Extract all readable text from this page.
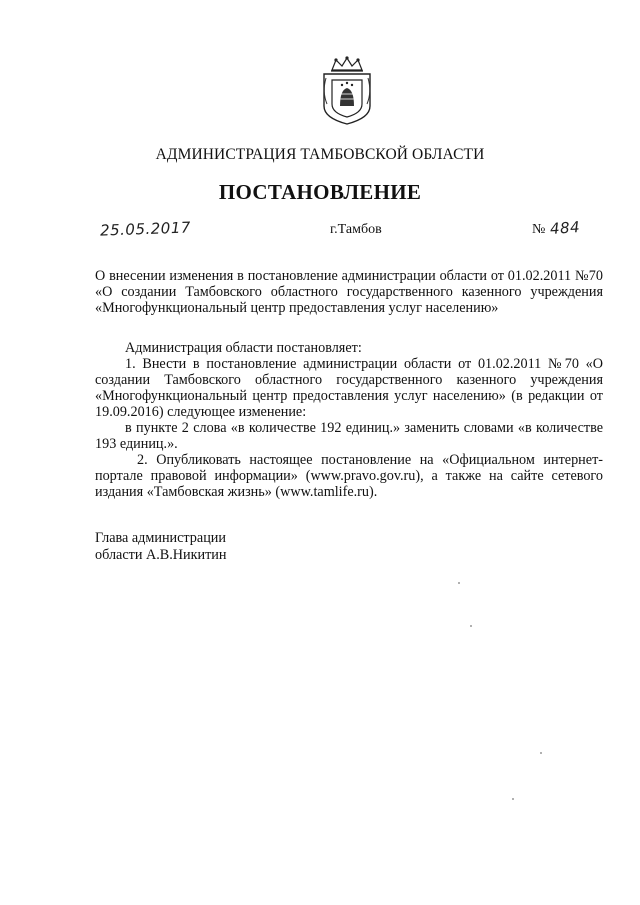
АДМИНИСТРАЦИЯ ТАМБОВСКОЙ ОБЛАСТИ
ПОСТАНОВЛЕНИЕ
25.05.2017	г.Тамбов	№ 484
О внесении изменения в постановление администрации области от 01.02.2011 №70 «О создании Тамбовского областного государственного казенного учреждения «Многофункциональный центр предоставления услуг населению»

Администрация области постановляет:

1. Внести в постановление администрации области от 01.02.2011 №70 «О создании Тамбовского областного государственного казенного учреждения «Многофункциональный центр предоставления услуг населению» (в редакции от 19.09.2016) следующее изменение:

в пункте 2 слова «в количестве 192 единиц.» заменить словами «в количестве 193 единиц.».

2. Опубликовать настоящее постановление на «Официальном интернет-портале правовой информации» (www.pravo.gov.ru), а также на сайте сетевого издания «Тамбовская жизнь» (www.tamlife.ru).

Глава администрации
области А.В.Никитин
